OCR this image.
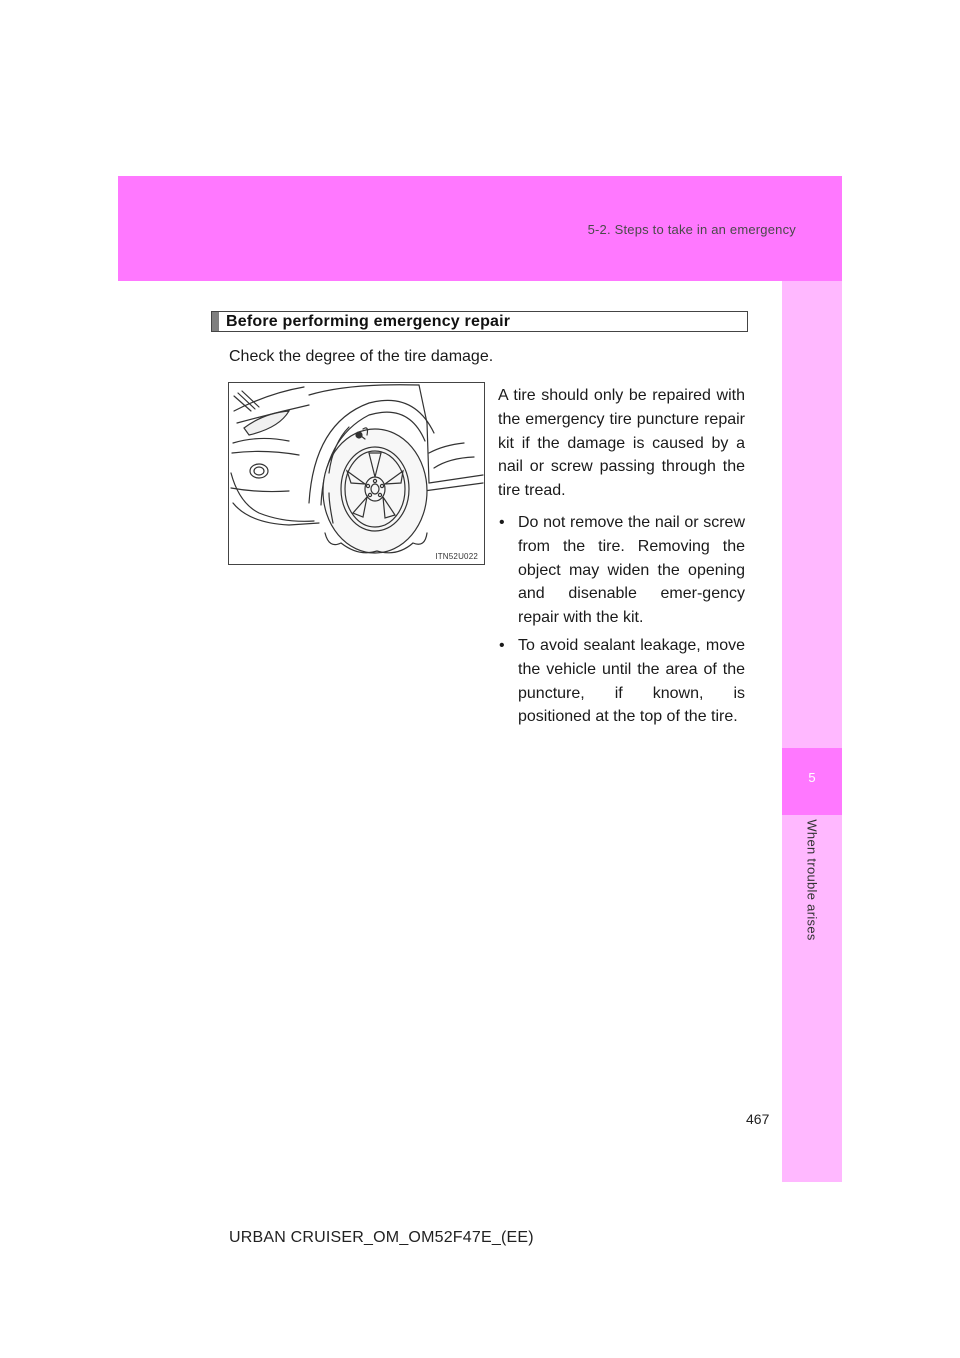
5-2. Steps to take in an emergency
5
When trouble arises
Before performing emergency repair
Check the degree of the tire damage.
ITN52U022

A tire should only be repaired with the emergency tire puncture repair kit if the damage is caused by a nail or screw passing through the tire tread.

• Do not remove the nail or screw from the tire. Removing the object may widen the opening and disenable emer-gency repair with the kit.
• To avoid sealant leakage, move the vehicle until the area of the puncture, if known, is positioned at the top of the tire.
467
URBAN CRUISER_OM_OM52F47E_(EE)
